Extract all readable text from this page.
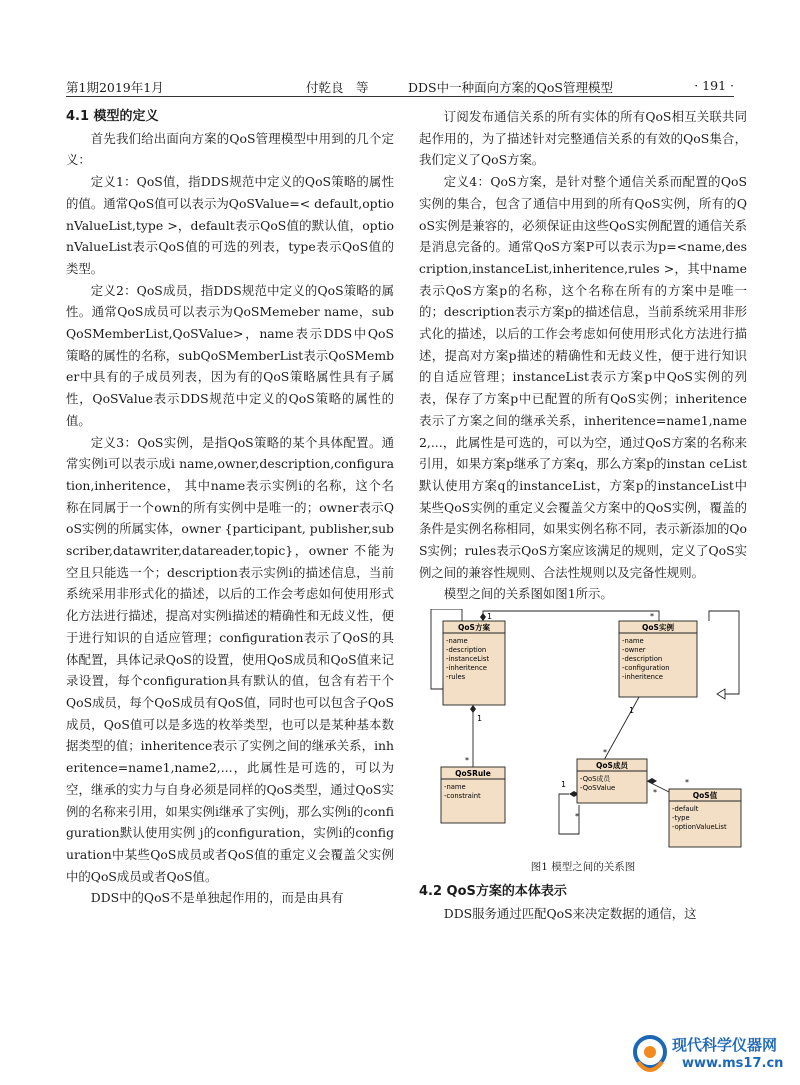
第1期2019年1月	付乾良　等	DDS中一种面向方案的QoS管理模型	· 191 ·
4.1 模型的定义

首先我们给出面向方案的QoS管理模型中用到的几个定义：

定义1：QoS值，指DDS规范中定义的QoS策略的属性的值。通常QoS值可以表示为QoSValue=< default,optionValueList,type >，default表示QoS值的默认值，optionValueList表示QoS值的可选的列表，type表示QoS值的类型。

定义2：QoS成员，指DDS规范中定义的QoS策略的属性。通常QoS成员可以表示为QoSMemeber name，subQoSMemberList,QoSValue>，name表示DDS中QoS策略的属性的名称，subQoSMemberList表示QoSMember中具有的子成员列表，因为有的QoS策略属性具有子属性，QoSValue表示DDS规范中定义的QoS策略的属性的值。

定义3：QoS实例，是指QoS策略的某个具体配置。通常实例i可以表示成i name,owner,description,configuration,inheritence， 其中name表示实例i的名称，这个名称在同属于一个own的所有实例中是唯一的；owner表示QoS实例的所属实体，owner {participant, publisher,subscriber,datawriter,datareader,topic}，owner 不能为空且只能选一个；description表示实例i的描述信息，当前系统采用非形式化的描述，以后的工作会考虑如何使用形式化方法进行描述，提高对实例i描述的精确性和无歧义性，便于进行知识的自适应管理；configuration表示了QoS的具体配置，具体记录QoS的设置，使用QoS成员和QoS值来记录设置，每个configuration具有默认的值，包含有若干个QoS成员，每个QoS成员有QoS值，同时也可以包含子QoS成员，QoS值可以是多选的枚举类型，也可以是某种基本数据类型的值；inheritence表示了实例之间的继承关系，inheritence=name1,name2,...，此属性是可选的，可以为空，继承的实力与自身必须是同样的QoS类型，通过QoS实例的名称来引用，如果实例i继承了实例j，那么实例i的configuration默认使用实例 j的configuration，实例i的configuration中某些QoS成员或者QoS值的重定义会覆盖父实例中的QoS成员或者QoS值。

DDS中的QoS不是单独起作用的，而是由具有

订阅发布通信关系的所有实体的所有QoS相互关联共同起作用的，为了描述针对完整通信关系的有效的QoS集合，我们定义了QoS方案。

定义4：QoS方案，是针对整个通信关系而配置的QoS实例的集合，包含了通信中用到的所有QoS实例，所有的QoS实例是兼容的，必须保证由这些QoS实例配置的通信关系是消息完备的。通常QoS方案P可以表示为p=<name,description,instanceList,inheritence,rules >，其中name表示QoS方案p的名称，这个名称在所有的方案中是唯一的；description表示方案p的描述信息，当前系统采用非形式化的描述，以后的工作会考虑如何使用形式化方法进行描述，提高对方案p描述的精确性和无歧义性，便于进行知识的自适应管理；instanceList表示方案p中QoS实例的列表，保存了方案p中已配置的所有QoS实例；inheritence表示了方案之间的继承关系，inheritence=name1,name2,...，此属性是可选的，可以为空，通过QoS方案的名称来引用，如果方案p继承了方案q，那么方案p的instan ceList 默认使用方案q的instanceList，方案p的instanceList中某些QoS实例的重定义会覆盖父方案中的QoS实例，覆盖的条件是实例名称相同，如果实例名称不同，表示新添加的QoS实例；rules表示QoS方案应该满足的规则，定义了QoS实例之间的兼容性规则、合法性规则以及完备性规则。

模型之间的关系图如图1所示。

QoS方案
-name
-description
-instanceList
-inheritence
-rules
QoS实例
-name
-owner
-description
-configuration
-inheritence
QoSRule
-name
-constraint
QoS成员
-QoS成员
-QoSValue
QoS值
-default
-type
-optionValueList
1	*
1
*
1
*
1
*
*
*
图1 模型之间的关系图
4.2 QoS方案的本体表示

DDS服务通过匹配QoS来决定数据的通信，这

现代科学仪器网
www.ms17.cn
